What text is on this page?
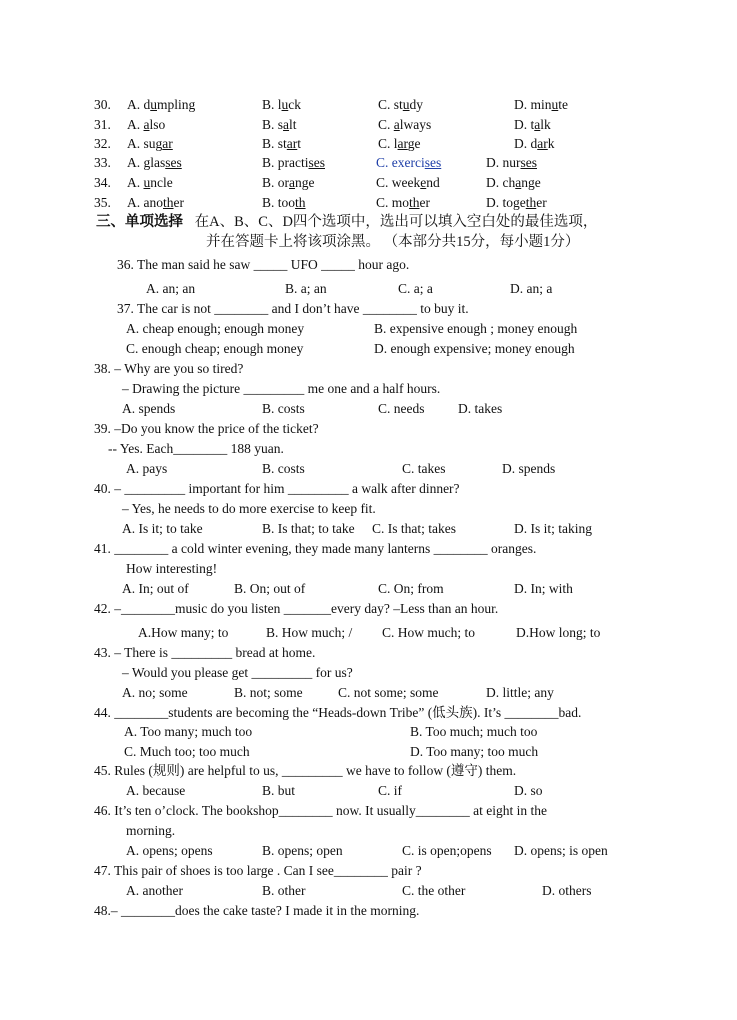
30. A. dumpling	B. luck	C. study	D. minute
31. A. also	B. salt	C. always	D. talk
32. A. sugar	B. start	C. large	D. dark
33. A. glasses	B. practises	C. exercises	D. nurses
34. A. uncle	B. orange	C. weekend	D. change
35. A. another	B. tooth	C. mother	D. together
三、单项选择 在A、B、C、D四个选项中，选出可以填入空白处的最佳选项，
并在答题卡上将该项涂黑。 （本部分共15分，每小题1分）
36. The man said he saw _____ UFO _____ hour ago.
A. an; an	B. a; an	C. a; a	D. an; a
37. The car is not ________ and I don’t have ________ to buy it.
A. cheap enough; enough money	B. expensive enough ; money enough
C. enough cheap; enough money	D. enough expensive; money enough
38. – Why are you so tired?
– Drawing the picture _________ me one and a half hours.
A. spends	B. costs	C. needs D. takes
39. –Do you know the price of the ticket?
-- Yes. Each________ 188 yuan.
A. pays	B. costs	C. takes	D. spends
40. – _________ important for him _________ a walk after dinner?
– Yes, he needs to do more exercise to keep fit.
A. Is it; to take	B. Is that; to take C. Is that; takes	D. Is it; taking
41. ________ a cold winter evening, they made many lanterns ________ oranges.
How interesting!
A. In; out of	B. On; out of	C. On; from	D. In; with
42. –________music do you listen _______every day? –Less than an hour.
A.How many; to	B. How much; / C. How much; to	D.How long; to
43. – There is _________ bread at home.
– Would you please get _________ for us?
A. no; some	B. not; some	C. not some; some	D. little; any
44. ________students are becoming the “Heads-down Tribe” (低头族). It’s ________bad.
A. Too many; much too	B. Too much; much too
C. Much too; too much	D. Too many; too much
45. Rules (规则) are helpful to us, _________ we have to follow (遵守) them.
A. because	B. but	C. if	D. so
46. It’s ten o’clock. The bookshop________ now. It usually________ at eight in the
morning.
A. opens; opens	B. opens; open	C. is open;opens D. opens; is open
47. This pair of shoes is too large . Can I see________ pair ?
A. another	B. other	C. the other	D. others
48.– ________does the cake taste? I made it in the morning.
